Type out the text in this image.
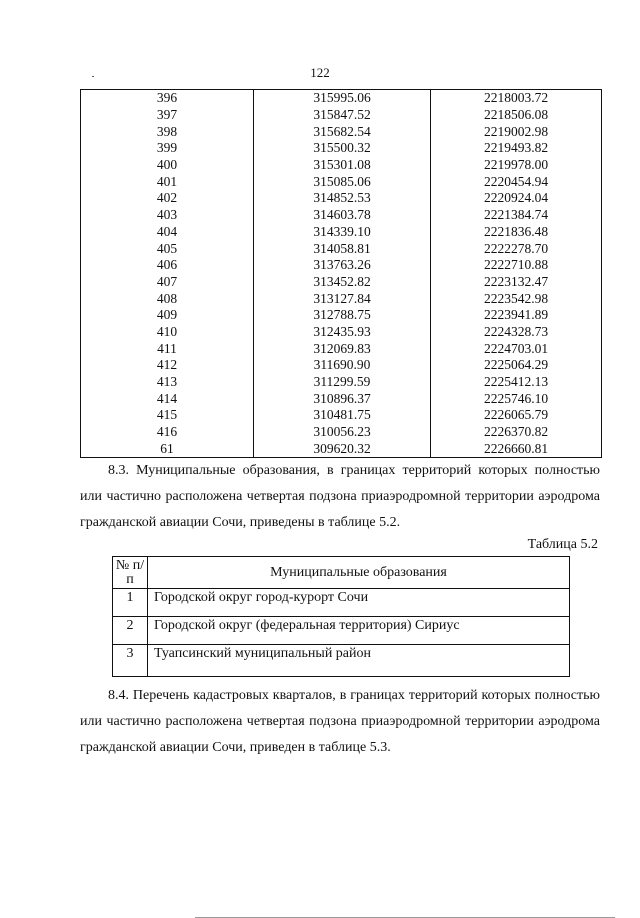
122
396	315995.06	2218003.72
397	315847.52	2218506.08
398	315682.54	2219002.98
399	315500.32	2219493.82
400	315301.08	2219978.00
401	315085.06	2220454.94
402	314852.53	2220924.04
403	314603.78	2221384.74
404	314339.10	2221836.48
405	314058.81	2222278.70
406	313763.26	2222710.88
407	313452.82	2223132.47
408	313127.84	2223542.98
409	312788.75	2223941.89
410	312435.93	2224328.73
411	312069.83	2224703.01
412	311690.90	2225064.29
413	311299.59	2225412.13
414	310896.37	2225746.10
415	310481.75	2226065.79
416	310056.23	2226370.82
61	309620.32	2226660.81

8.3. Муниципальные образования, в границах территорий которых полностью или частично расположена четвертая подзона приаэродромной территории аэродрома гражданской авиации Сочи, приведены в таблице 5.2.

Таблица 5.2
№ п/п	Муниципальные образования
1	Городской округ город-курорт Сочи
2	Городской округ (федеральная территория) Сириус
3	Туапсинский муниципальный район

8.4. Перечень кадастровых кварталов, в границах территорий которых полностью или частично расположена четвертая подзона приаэродромной территории аэродрома гражданской авиации Сочи, приведен в таблице 5.3.
